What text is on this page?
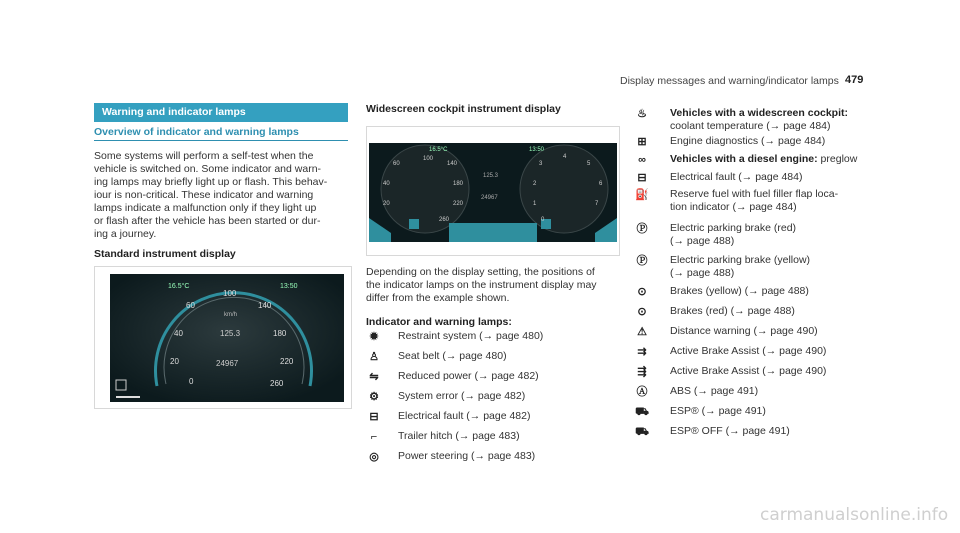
Display messages and warning/indicator lamps 479
Warning and indicator lamps
Overview of indicator and warning lamps
Some systems will perform a self-test when the
vehicle is switched on. Some indicator and warn-
ing lamps may briefly light up or flash. This behav-
iour is non-critical. These indicator and warning
lamps indicate a malfunction only if they light up
or flash after the vehicle has been started or dur-
ing a journey.
Standard instrument display
16.5°C	13:50
0
20
40
60
100
140
180
220
260
km/h
125.3
24967
Widescreen cockpit instrument display
16.5°C	13:50
60
100
140
180
220
260
40
20
3
4
5
6
7
2
1
0
125.3
24967
Depending on the display setting, the positions of
the indicator lamps on the instrument display may
differ from the example shown.
Indicator and warning lamps:
✹	Restraint system (→ page 480)
♙ Seat belt (→ page 480)
⇋	Reduced power (→ page 482)
⚙ System error (→ page 482)
⊟	Electrical fault (→ page 482)
⌐	Trailer hitch (→ page 483)
◎	Power steering (→ page 483)
♨ Vehicles with a widescreen cockpit:
coolant temperature (→ page 484)
⊞	Engine diagnostics (→ page 484)
∞	Vehicles with a diesel engine: preglow
⊟	Electrical fault (→ page 484)
⛽ Reserve fuel with fuel filler flap loca-
tion indicator (→ page 484)
Ⓟ Electric parking brake (red)
(→ page 488)
Ⓟ Electric parking brake (yellow)
(→ page 488)
⊙	Brakes (yellow) (→ page 488)
⊙	Brakes (red) (→ page 488)
⚠ Distance warning (→ page 490)
⇉	Active Brake Assist (→ page 490)
⇶	Active Brake Assist (→ page 490)
Ⓐ ABS (→ page 491)
⛟ ESP® (→ page 491)
⛟ ESP® OFF (→ page 491)
carmanualsonline.info
